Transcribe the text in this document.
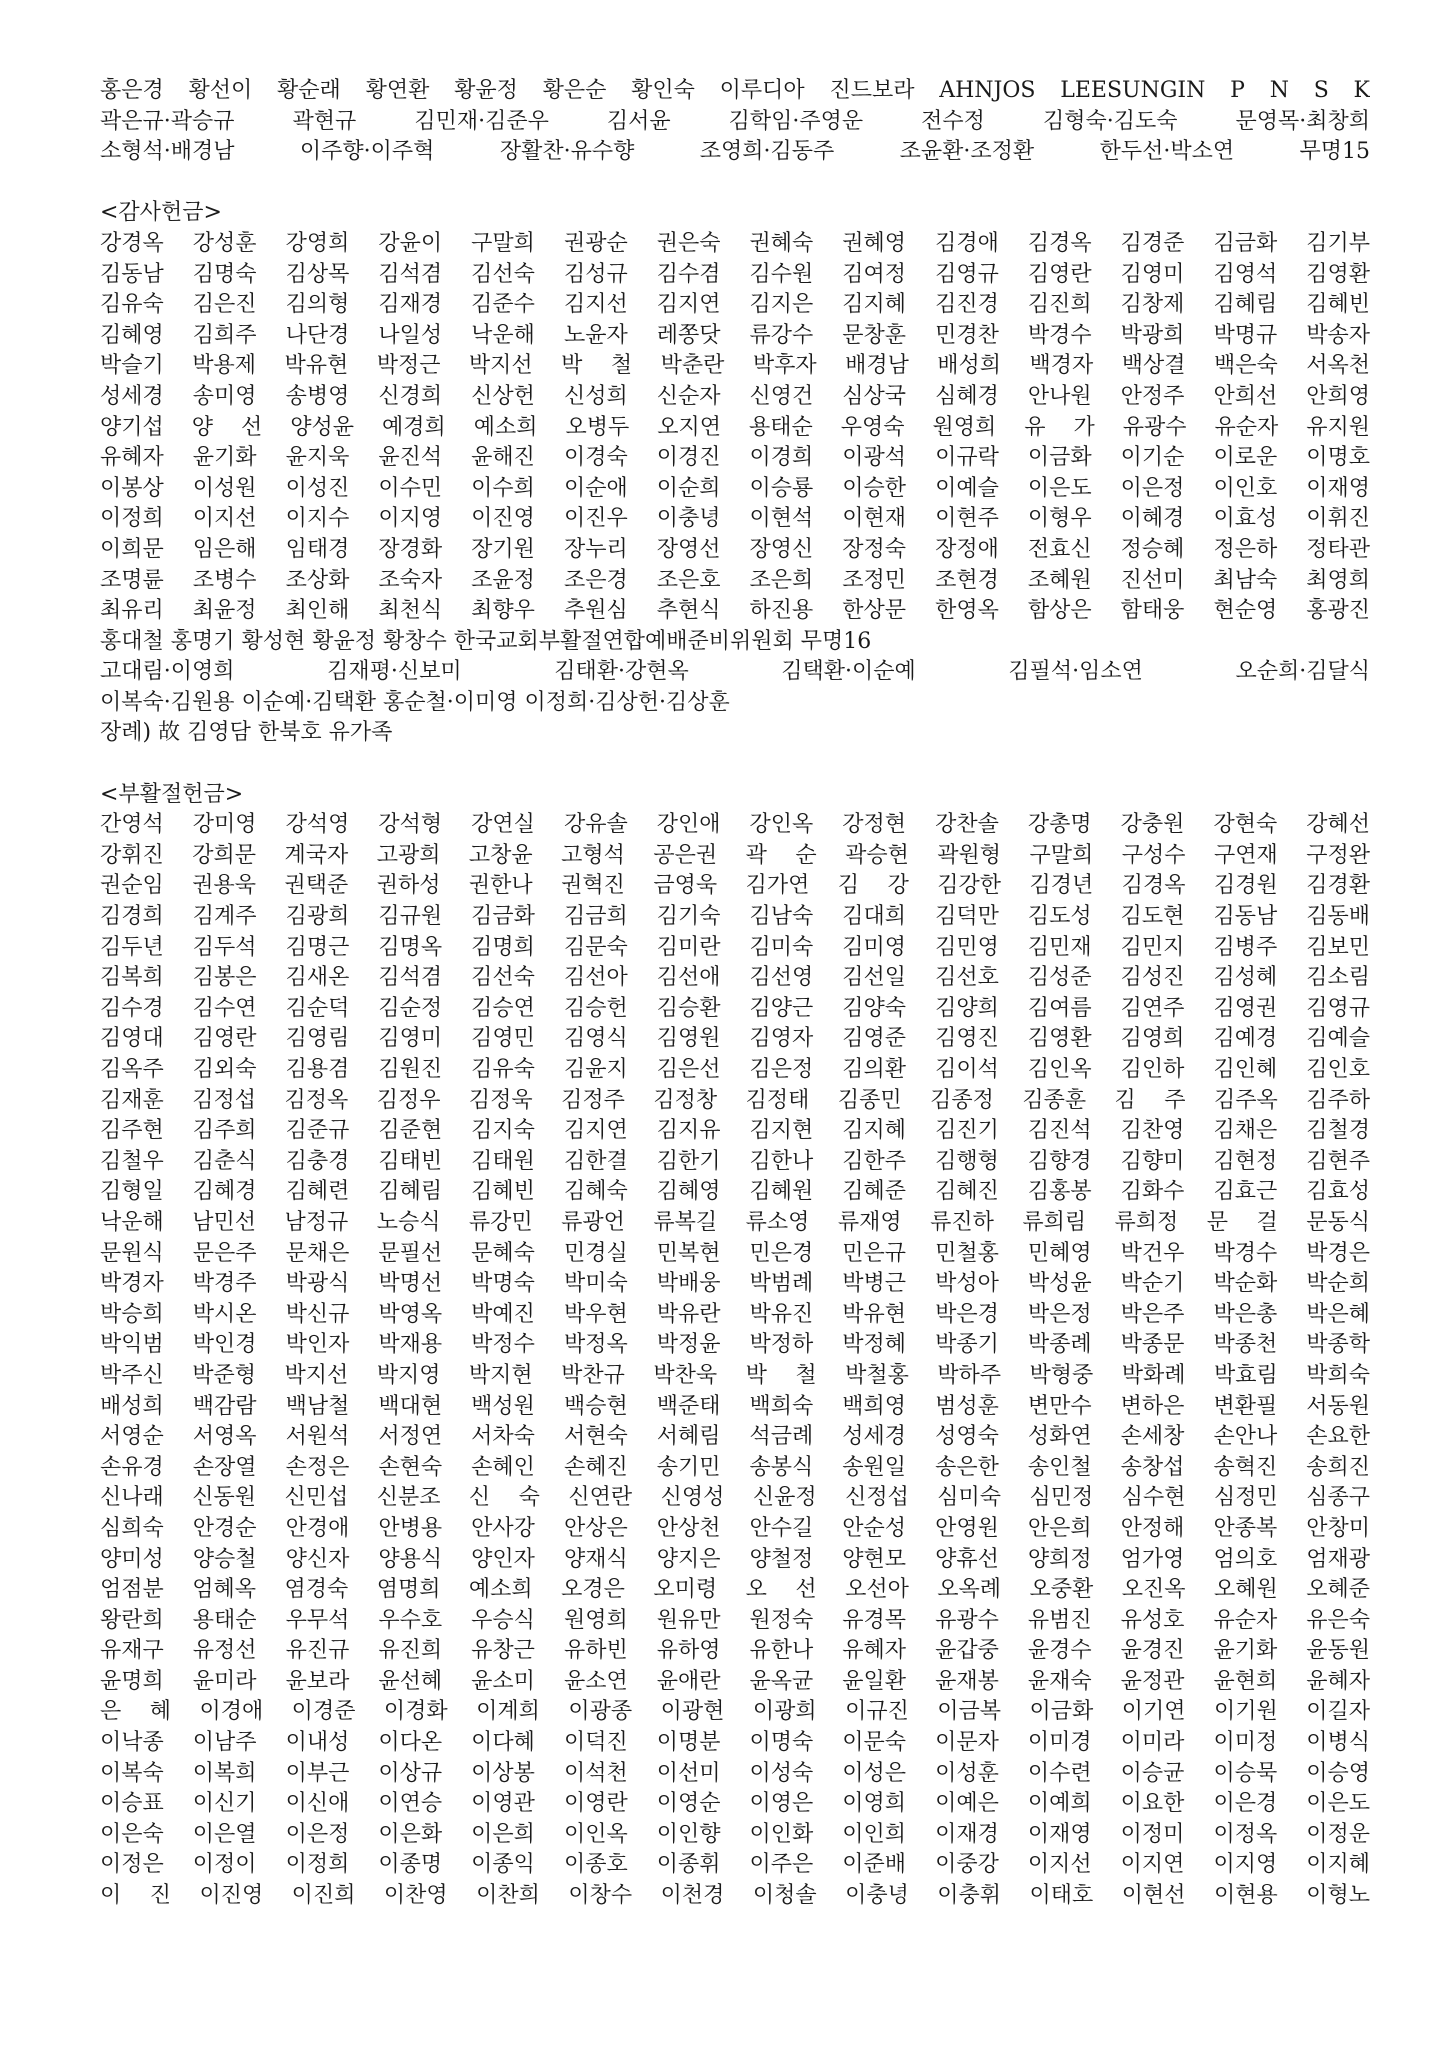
홍은경 황선이 황순래 황연환 황윤정 황은순 황인숙 이루디아 진드보라 AHNJOS LEESUNGIN P N S K
곽은규·곽승규 곽현규 김민재·김준우 김서윤 김학임·주영운 전수정 김형숙·김도숙 문영목·최창희
소형석·배경남 이주향·이주혁 장활찬·유수향 조영희·김동주 조윤환·조정환 한두선·박소연 무명15
<감사헌금>
강경옥 강성훈 강영희 강윤이 구말희 권광순 권은숙 권혜숙 권혜영 김경애 김경옥 김경준 김금화 김기부
김동남 김명숙 김상목 김석겸 김선숙 김성규 김수겸 김수원 김여정 김영규 김영란 김영미 김영석 김영환
김유숙 김은진 김의형 김재경 김준수 김지선 김지연 김지은 김지혜 김진경 김진희 김창제 김혜림 김혜빈
김혜영 김희주 나단경 나일성 낙운해 노윤자 레쫑닷 류강수 문창훈 민경찬 박경수 박광희 박명규 박송자
박슬기 박용제 박유현 박정근 박지선 박 철 박춘란 박후자 배경남 배성희 백경자 백상결 백은숙 서옥천
성세경 송미영 송병영 신경희 신상헌 신성희 신순자 신영건 심상국 심혜경 안나원 안정주 안희선 안희영
양기섭 양 선 양성윤 예경희 예소희 오병두 오지연 용태순 우영숙 원영희 유 가 유광수 유순자 유지원
유혜자 윤기화 윤지욱 윤진석 윤해진 이경숙 이경진 이경희 이광석 이규락 이금화 이기순 이로운 이명호
이봉상 이성원 이성진 이수민 이수희 이순애 이순희 이승룡 이승한 이예슬 이은도 이은정 이인호 이재영
이정희 이지선 이지수 이지영 이진영 이진우 이충녕 이현석 이현재 이현주 이형우 이혜경 이효성 이휘진
이희문 임은해 임태경 장경화 장기원 장누리 장영선 장영신 장정숙 장정애 전효신 정승혜 정은하 정타관
조명륜 조병수 조상화 조숙자 조윤정 조은경 조은호 조은희 조정민 조현경 조혜원 진선미 최남숙 최영희
최유리 최윤정 최인해 최천식 최향우 추원심 추현식 하진용 한상문 한영옥 함상은 함태웅 현순영 홍광진
홍대철 홍명기 황성현 황윤정 황창수 한국교회부활절연합예배준비위원회 무명16
고대림·이영희 김재평·신보미 김태환·강현옥 김택환·이순예 김필석·임소연 오순희·김달식
이복숙·김원용 이순예·김택환 홍순철·이미영 이정희·김상헌·김상훈
장례) 故 김영담 한북호 유가족
<부활절헌금>
간영석 강미영 강석영 강석형 강연실 강유솔 강인애 강인옥 강정현 강찬솔 강총명 강충원 강현숙 강혜선
강휘진 강희문 계국자 고광희 고창윤 고형석 공은권 곽 순 곽승현 곽원형 구말희 구성수 구연재 구정완
권순임 권용욱 권택준 권하성 권한나 권혁진 금영욱 김가연 김 강 김강한 김경년 김경옥 김경원 김경환
김경희 김계주 김광희 김규원 김금화 김금희 김기숙 김남숙 김대희 김덕만 김도성 김도현 김동남 김동배
김두년 김두석 김명근 김명옥 김명희 김문숙 김미란 김미숙 김미영 김민영 김민재 김민지 김병주 김보민
김복희 김봉은 김새온 김석겸 김선숙 김선아 김선애 김선영 김선일 김선호 김성준 김성진 김성혜 김소림
김수경 김수연 김순덕 김순정 김승연 김승헌 김승환 김양근 김양숙 김양희 김여름 김연주 김영권 김영규
김영대 김영란 김영림 김영미 김영민 김영식 김영원 김영자 김영준 김영진 김영환 김영희 김예경 김예슬
김옥주 김외숙 김용겸 김원진 김유숙 김윤지 김은선 김은정 김의환 김이석 김인옥 김인하 김인혜 김인호
김재훈 김정섭 김정옥 김정우 김정욱 김정주 김정창 김정태 김종민 김종정 김종훈 김 주 김주옥 김주하
김주현 김주희 김준규 김준현 김지숙 김지연 김지유 김지현 김지혜 김진기 김진석 김찬영 김채은 김철경
김철우 김춘식 김충경 김태빈 김태원 김한결 김한기 김한나 김한주 김행형 김향경 김향미 김현정 김현주
김형일 김혜경 김혜련 김혜림 김혜빈 김혜숙 김혜영 김혜원 김혜준 김혜진 김홍봉 김화수 김효근 김효성
낙운해 남민선 남정규 노승식 류강민 류광언 류복길 류소영 류재영 류진하 류희림 류희정 문 걸 문동식
문원식 문은주 문채은 문필선 문혜숙 민경실 민복현 민은경 민은규 민철홍 민혜영 박건우 박경수 박경은
박경자 박경주 박광식 박명선 박명숙 박미숙 박배웅 박범례 박병근 박성아 박성윤 박순기 박순화 박순희
박승희 박시온 박신규 박영옥 박예진 박우현 박유란 박유진 박유현 박은경 박은정 박은주 박은총 박은혜
박익범 박인경 박인자 박재용 박정수 박정옥 박정윤 박정하 박정혜 박종기 박종례 박종문 박종천 박종학
박주신 박준형 박지선 박지영 박지현 박찬규 박찬욱 박 철 박철홍 박하주 박형중 박화례 박효림 박희숙
배성희 백감람 백남철 백대현 백성원 백승현 백준태 백희숙 백희영 범성훈 변만수 변하은 변환필 서동원
서영순 서영옥 서원석 서정연 서차숙 서현숙 서혜림 석금례 성세경 성영숙 성화연 손세창 손안나 손요한
손유경 손장열 손정은 손현숙 손혜인 손혜진 송기민 송봉식 송원일 송은한 송인철 송창섭 송혁진 송희진
신나래 신동원 신민섭 신분조 신 숙 신연란 신영성 신윤정 신정섭 심미숙 심민정 심수현 심정민 심종구
심희숙 안경순 안경애 안병용 안사강 안상은 안상천 안수길 안순성 안영원 안은희 안정해 안종복 안창미
양미성 양승철 양신자 양용식 양인자 양재식 양지은 양철정 양현모 양휴선 양희정 엄가영 엄의호 엄재광
엄점분 엄혜옥 염경숙 염명희 예소희 오경은 오미령 오 선 오선아 오옥례 오중환 오진옥 오혜원 오혜준
왕란희 용태순 우무석 우수호 우승식 원영희 원유만 원정숙 유경목 유광수 유범진 유성호 유순자 유은숙
유재구 유정선 유진규 유진희 유창근 유하빈 유하영 유한나 유혜자 윤갑중 윤경수 윤경진 윤기화 윤동원
윤명희 윤미라 윤보라 윤선혜 윤소미 윤소연 윤애란 윤옥균 윤일환 윤재봉 윤재숙 윤정관 윤현희 윤혜자
은 혜 이경애 이경준 이경화 이계희 이광종 이광현 이광희 이규진 이금복 이금화 이기연 이기원 이길자
이낙종 이남주 이내성 이다온 이다혜 이덕진 이명분 이명숙 이문숙 이문자 이미경 이미라 이미정 이병식
이복숙 이복희 이부근 이상규 이상봉 이석천 이선미 이성숙 이성은 이성훈 이수련 이승균 이승묵 이승영
이승표 이신기 이신애 이연승 이영관 이영란 이영순 이영은 이영희 이예은 이예희 이요한 이은경 이은도
이은숙 이은열 이은정 이은화 이은희 이인옥 이인향 이인화 이인희 이재경 이재영 이정미 이정옥 이정운
이정은 이정이 이정희 이종명 이종익 이종호 이종휘 이주은 이준배 이중강 이지선 이지연 이지영 이지혜
이 진 이진영 이진희 이찬영 이찬희 이창수 이천경 이청솔 이충녕 이충휘 이태호 이현선 이현용 이형노
